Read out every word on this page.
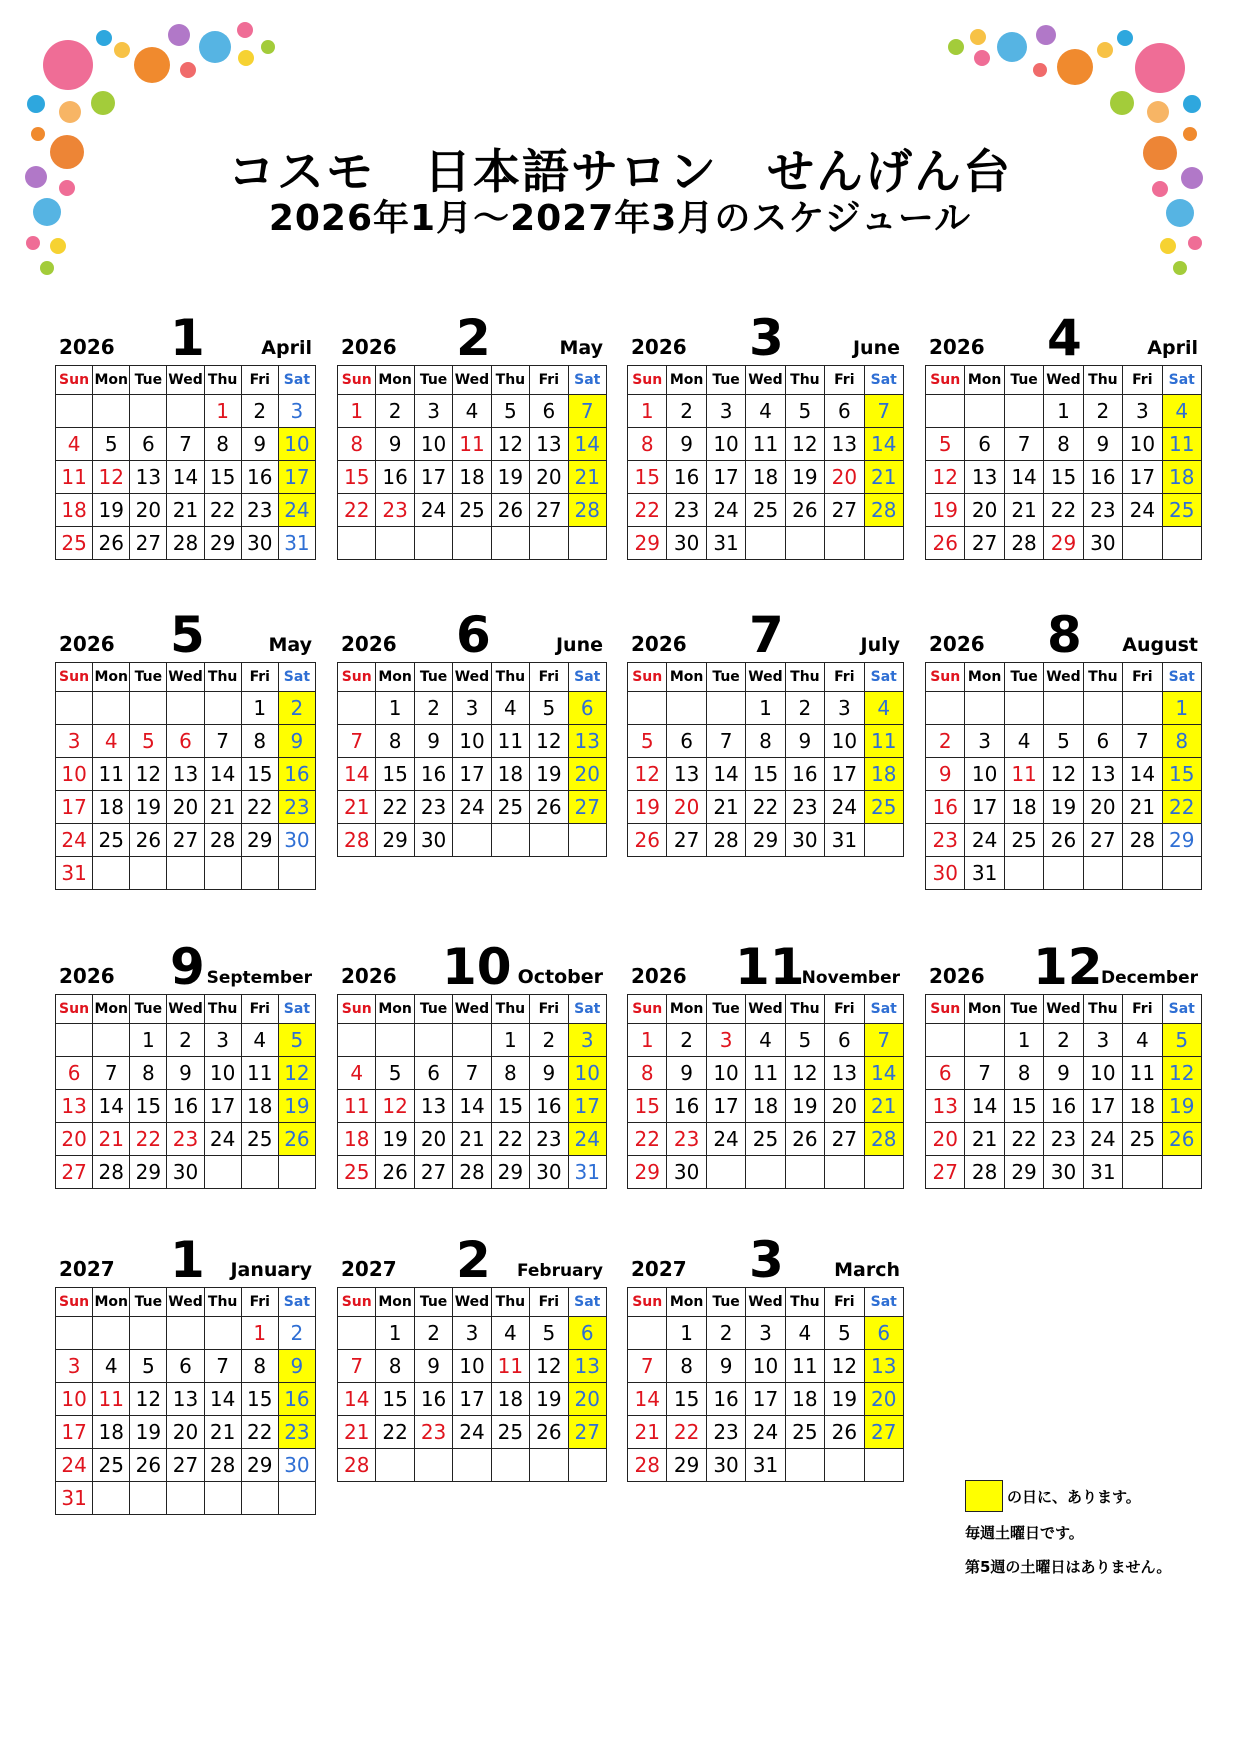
コスモ　日本語サロン　せんげん台
2026年1月～2027年3月のスケジュール
2026 1	April
Sun	Mon	Tue	Wed	Thu	Fri	Sat
				1	2	3
4	5	6	7	8	9	10
11	12	13	14	15	16	17
18	19	20	21	22	23	24
25	26	27	28	29	30	31
2026 2	May
Sun	Mon	Tue	Wed	Thu	Fri	Sat
1	2	3	4	5	6	7
8	9	10	11	12	13	14
15	16	17	18	19	20	21
22	23	24	25	26	27	28

2026 3	June
Sun	Mon	Tue	Wed	Thu	Fri	Sat
1	2	3	4	5	6	7
8	9	10	11	12	13	14
15	16	17	18	19	20	21
22	23	24	25	26	27	28
29	30	31				
2026 4	April
Sun	Mon	Tue	Wed	Thu	Fri	Sat
			1	2	3	4
5	6	7	8	9	10	11
12	13	14	15	16	17	18
19	20	21	22	23	24	25
26	27	28	29	30		
2026 5	May
Sun	Mon	Tue	Wed	Thu	Fri	Sat
					1	2
3	4	5	6	7	8	9
10	11	12	13	14	15	16
17	18	19	20	21	22	23
24	25	26	27	28	29	30
31						
2026 6	June
Sun	Mon	Tue	Wed	Thu	Fri	Sat
	1	2	3	4	5	6
7	8	9	10	11	12	13
14	15	16	17	18	19	20
21	22	23	24	25	26	27
28	29	30				
2026 7	July
Sun	Mon	Tue	Wed	Thu	Fri	Sat
			1	2	3	4
5	6	7	8	9	10	11
12	13	14	15	16	17	18
19	20	21	22	23	24	25
26	27	28	29	30	31	
2026 8 August
Sun	Mon	Tue	Wed	Thu	Fri	Sat
						1
2	3	4	5	6	7	8
9	10	11	12	13	14	15
16	17	18	19	20	21	22
23	24	25	26	27	28	29
30	31					
2026 9 September
Sun	Mon	Tue	Wed	Thu	Fri	Sat
		1	2	3	4	5
6	7	8	9	10	11	12
13	14	15	16	17	18	19
20	21	22	23	24	25	26
27	28	29	30			
2026 10 October
Sun	Mon	Tue	Wed	Thu	Fri	Sat
				1	2	3
4	5	6	7	8	9	10
11	12	13	14	15	16	17
18	19	20	21	22	23	24
25	26	27	28	29	30	31
2026 11
November
Sun	Mon	Tue	Wed	Thu	Fri	Sat
1	2	3	4	5	6	7
8	9	10	11	12	13	14
15	16	17	18	19	20	21
22	23	24	25	26	27	28
29	30					
2026 12
December
Sun	Mon	Tue	Wed	Thu	Fri	Sat
		1	2	3	4	5
6	7	8	9	10	11	12
13	14	15	16	17	18	19
20	21	22	23	24	25	26
27	28	29	30	31		
2027 1 January
Sun	Mon	Tue	Wed	Thu	Fri	Sat
					1	2
3	4	5	6	7	8	9
10	11	12	13	14	15	16
17	18	19	20	21	22	23
24	25	26	27	28	29	30
31						
2027 2 February
Sun	Mon	Tue	Wed	Thu	Fri	Sat
	1	2	3	4	5	6
7	8	9	10	11	12	13
14	15	16	17	18	19	20
21	22	23	24	25	26	27
28						
2027 3	March
Sun	Mon	Tue	Wed	Thu	Fri	Sat
	1	2	3	4	5	6
7	8	9	10	11	12	13
14	15	16	17	18	19	20
21	22	23	24	25	26	27
28	29	30	31			
の日に、あります。
毎週土曜日です。
第5週の土曜日はありません。
